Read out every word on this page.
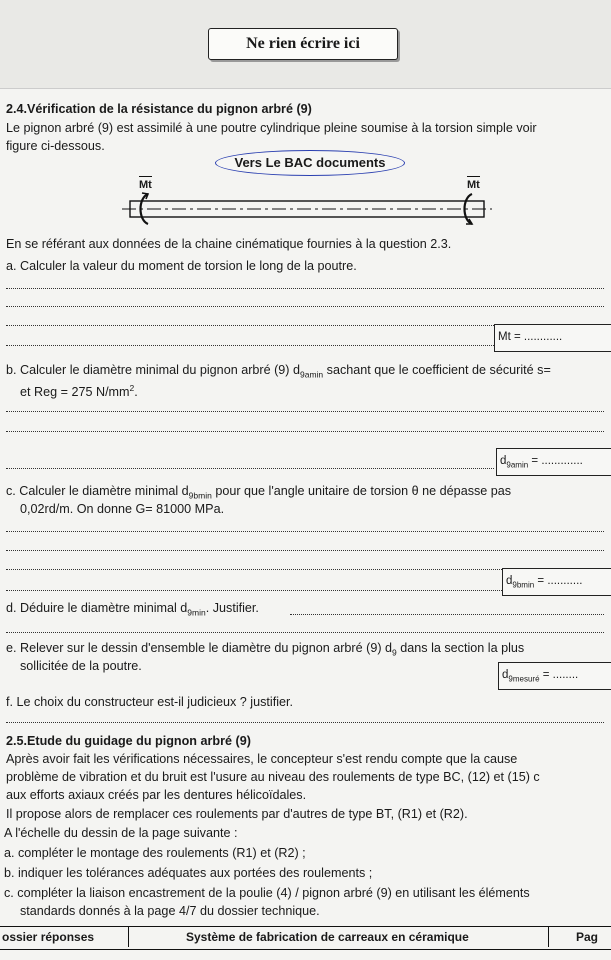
Ne rien écrire ici
2.4.Vérification de la résistance du pignon arbré (9)
Le pignon arbré (9) est assimilé à une poutre cylindrique pleine soumise à la torsion simple voir
figure ci-dessous.
Vers Le BAC documents
Mt	Mt
En se référant aux données de la chaine cinématique fournies à la question 2.3.
a. Calculer la valeur du moment de torsion le long de la poutre.
Mt = ............
b. Calculer le diamètre minimal du pignon arbré (9) $d_{9amin}$ sachant que le coefficient de sécurité s=
et Reg = 275 $N/mm^2$.
$d_{9amin}$ = .............
c. Calculer le diamètre minimal $d_{9bmin}$ pour que l'angle unitaire de torsion θ ne dépasse pas
0,02rd/m. On donne G= 81000 MPa.
$d_{9bmin}$ = ...........
d. Déduire le diamètre minimal $d_{9min}$. Justifier.
e. Relever sur le dessin d'ensemble le diamètre du pignon arbré (9) $d_9$ dans la section la plus
sollicitée de la poutre.
$d_{9mesuré}$ = ........
f. Le choix du constructeur est-il judicieux ? justifier.
2.5.Etude du guidage du pignon arbré (9)
Après avoir fait les vérifications nécessaires, le concepteur s'est rendu compte que la cause
problème de vibration et du bruit est l'usure au niveau des roulements de type BC, (12) et (15) c
aux efforts axiaux créés par les dentures hélicoïdales.
Il propose alors de remplacer ces roulements par d'autres de type BT, (R1) et (R2).
A l'échelle du dessin de la page suivante :
a. compléter le montage des roulements (R1) et (R2) ;
b. indiquer les tolérances adéquates aux portées des roulements ;
c. compléter la liaison encastrement de la poulie (4) / pignon arbré (9) en utilisant les éléments
standards donnés à la page 4/7 du dossier technique.
ossier réponses	Système de fabrication de carreaux en céramique	Pag
